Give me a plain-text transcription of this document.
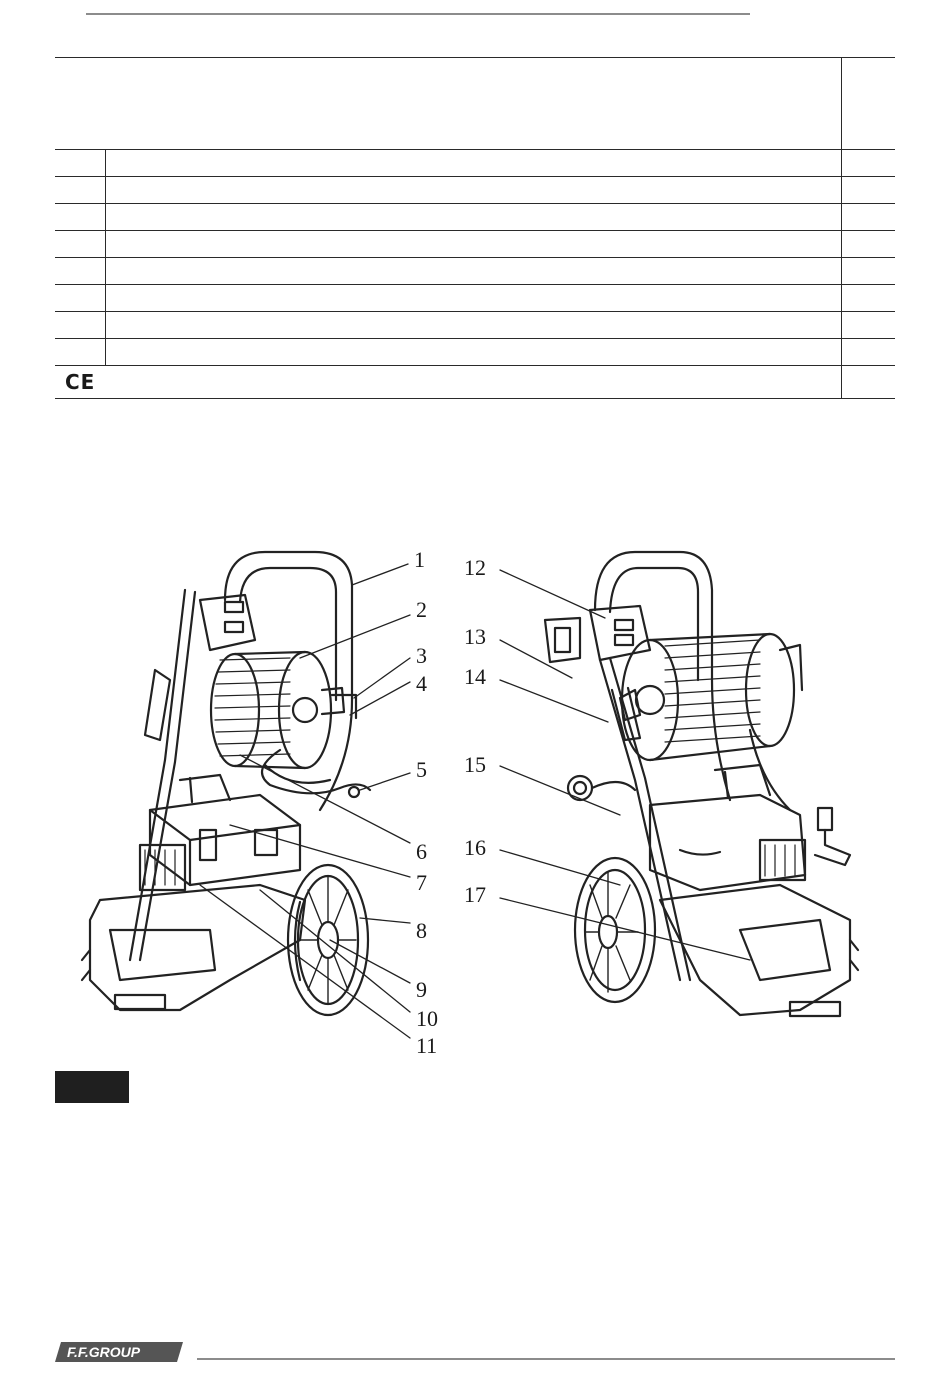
CE		
1
2
3
4
5
6
7
8
9
10
11
12
13
14
15
16
17
F.F.GROUP
